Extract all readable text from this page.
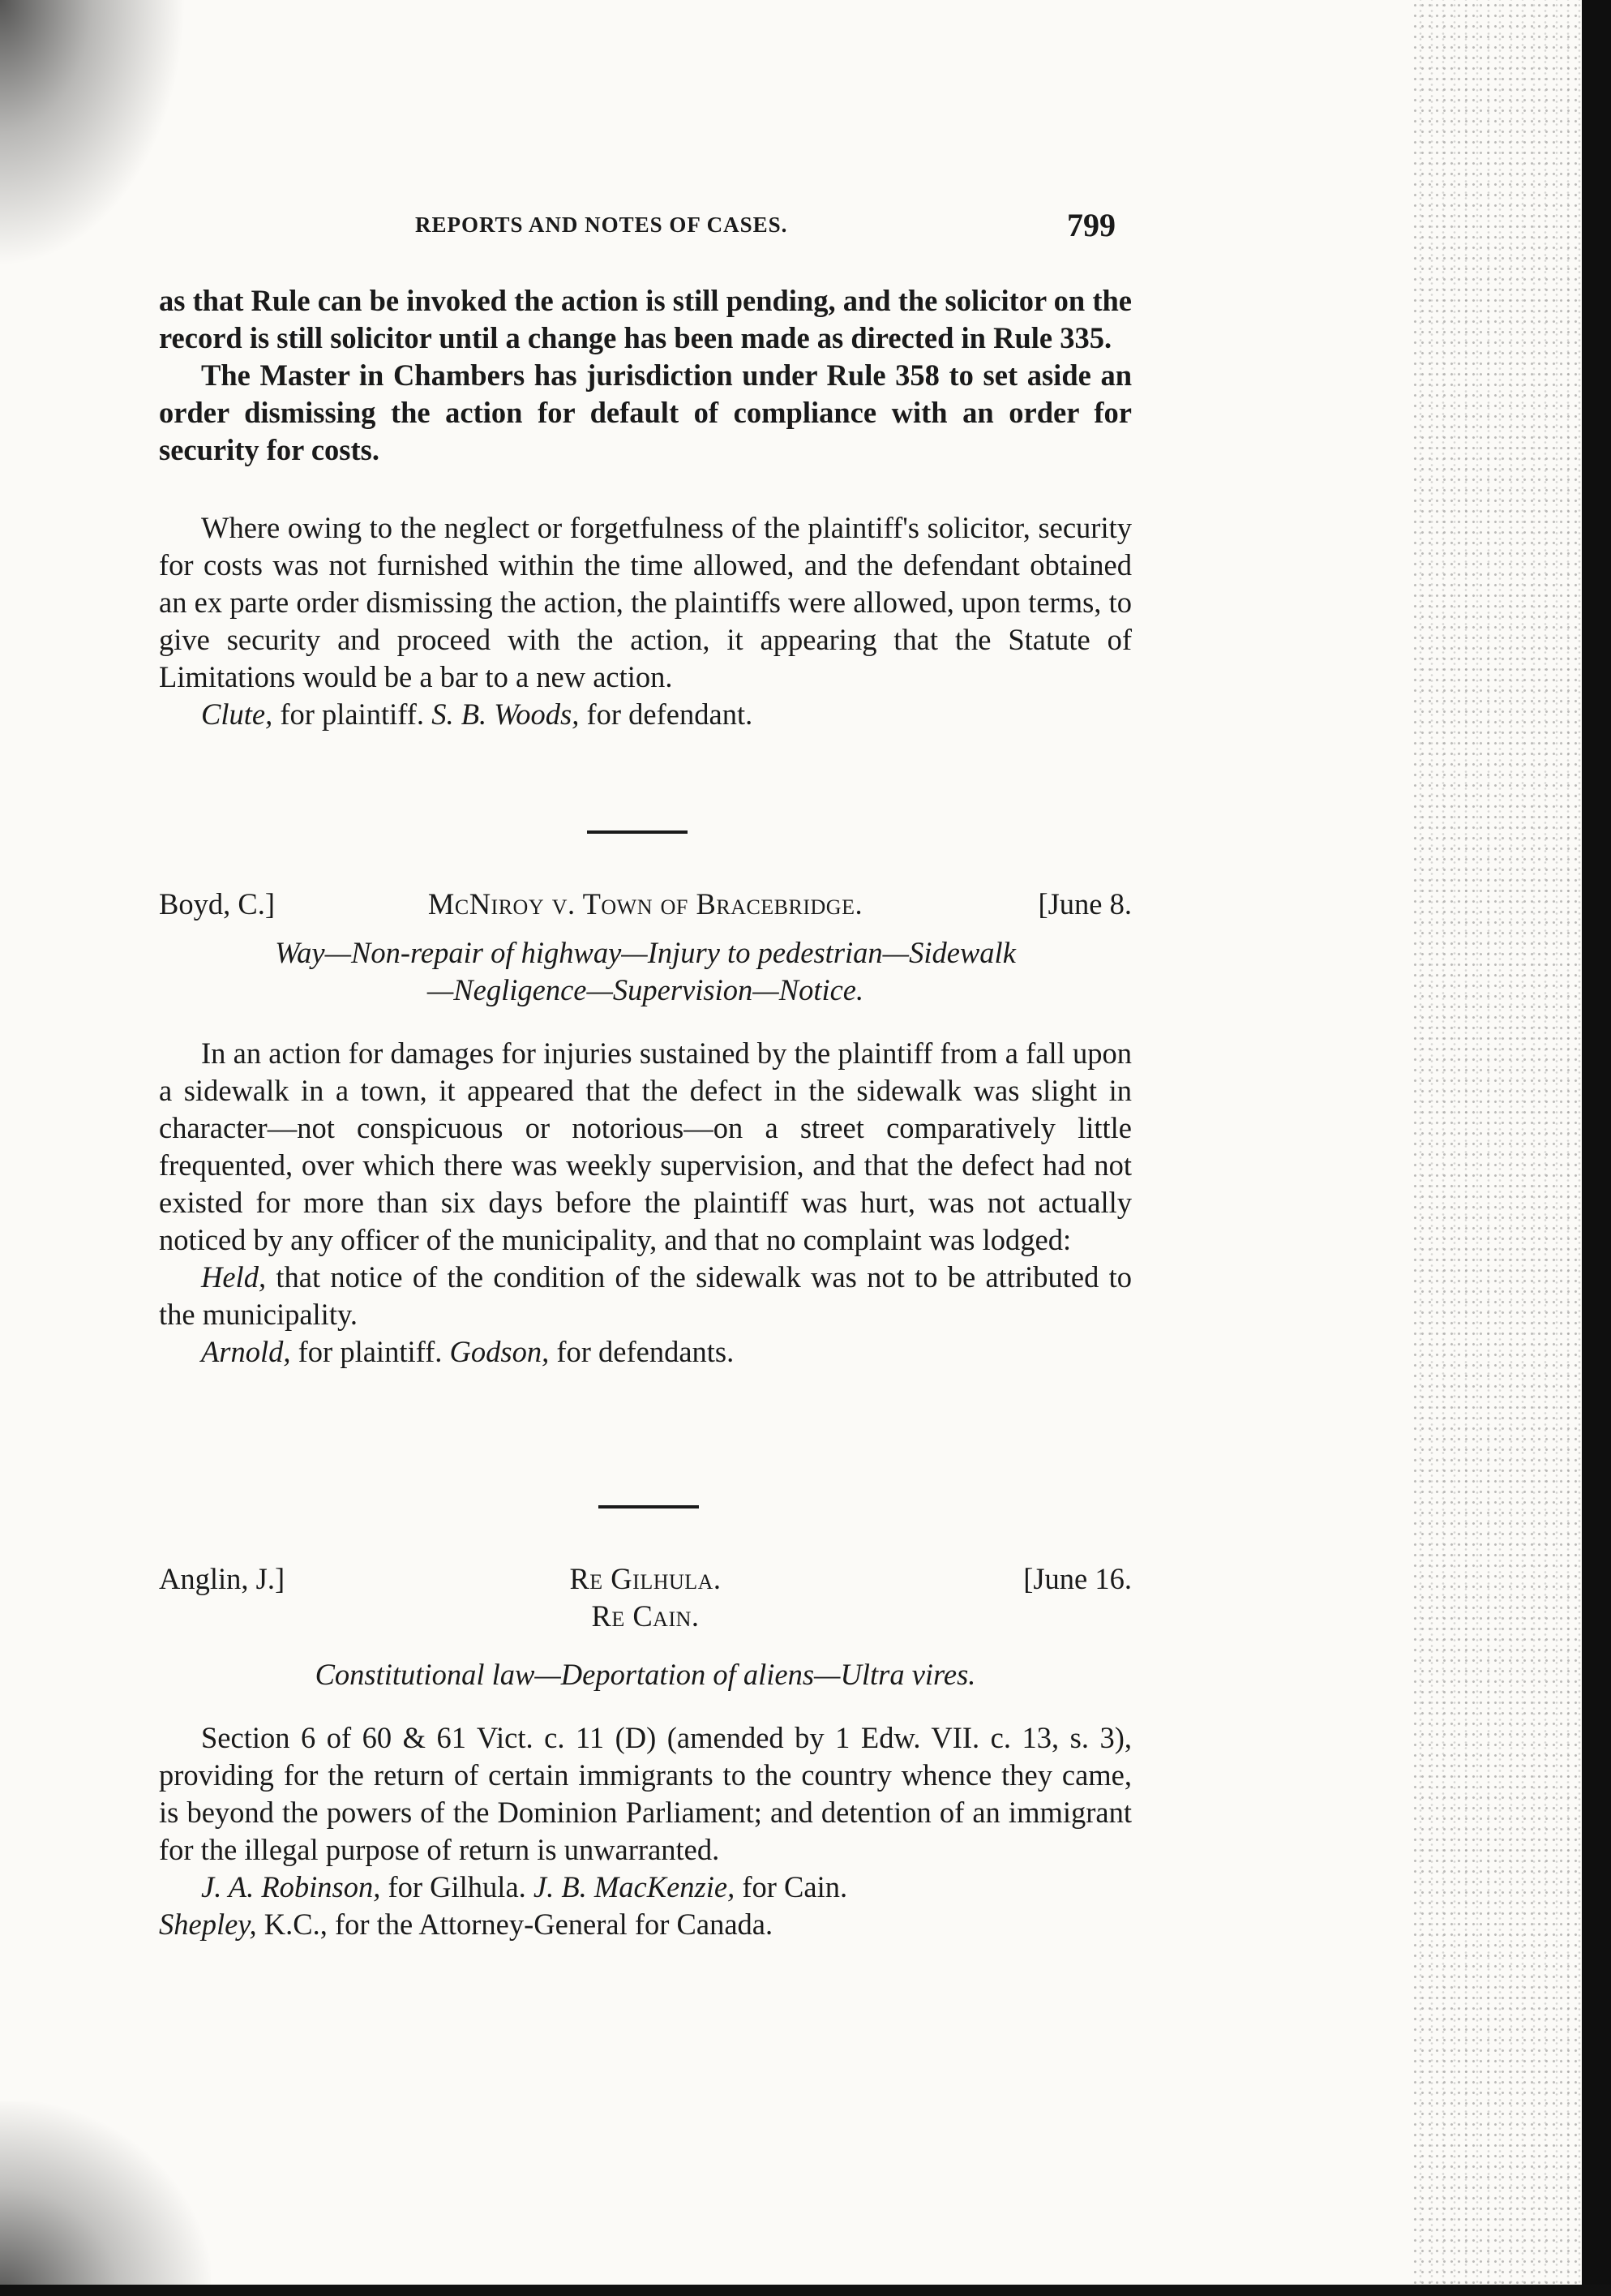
REPORTS AND NOTES OF CASES.	799

as that Rule can be invoked the action is still pending, and the solicitor on the record is still solicitor until a change has been made as directed in Rule 335.

The Master in Chambers has jurisdiction under Rule 358 to set aside an order dismissing the action for default of compliance with an order for security for costs.

Where owing to the neglect or forgetfulness of the plaintiff's solicitor, security for costs was not furnished within the time allowed, and the defendant obtained an ex parte order dismissing the action, the plaintiffs were allowed, upon terms, to give security and proceed with the action, it appearing that the Statute of Limitations would be a bar to a new action.

Clute, for plaintiff. S. B. Woods, for defendant.

Boyd, C.]	McNiroy v. Town of Bracebridge.	[June 8.
Way—Non-repair of highway—Injury to pedestrian—Sidewalk
—Negligence—Supervision—Notice.

In an action for damages for injuries sustained by the plaintiff from a fall upon a sidewalk in a town, it appeared that the defect in the sidewalk was slight in character—not conspicuous or notorious—on a street comparatively little frequented, over which there was weekly supervision, and that the defect had not existed for more than six days before the plaintiff was hurt, was not actually noticed by any officer of the municipality, and that no complaint was lodged:

Held, that notice of the condition of the sidewalk was not to be attributed to the municipality.

Arnold, for plaintiff. Godson, for defendants.

Anglin, J.]	Re Gilhula.
Re Cain.
[June 16.
Constitutional law—Deportation of aliens—Ultra vires.

Section 6 of 60 & 61 Vict. c. 11 (D) (amended by 1 Edw. VII. c. 13, s. 3), providing for the return of certain immigrants to the country whence they came, is beyond the powers of the Dominion Parliament; and detention of an immigrant for the illegal purpose of return is unwarranted.

J. A. Robinson, for Gilhula. J. B. MacKenzie, for Cain.

Shepley, K.C., for the Attorney-General for Canada.
